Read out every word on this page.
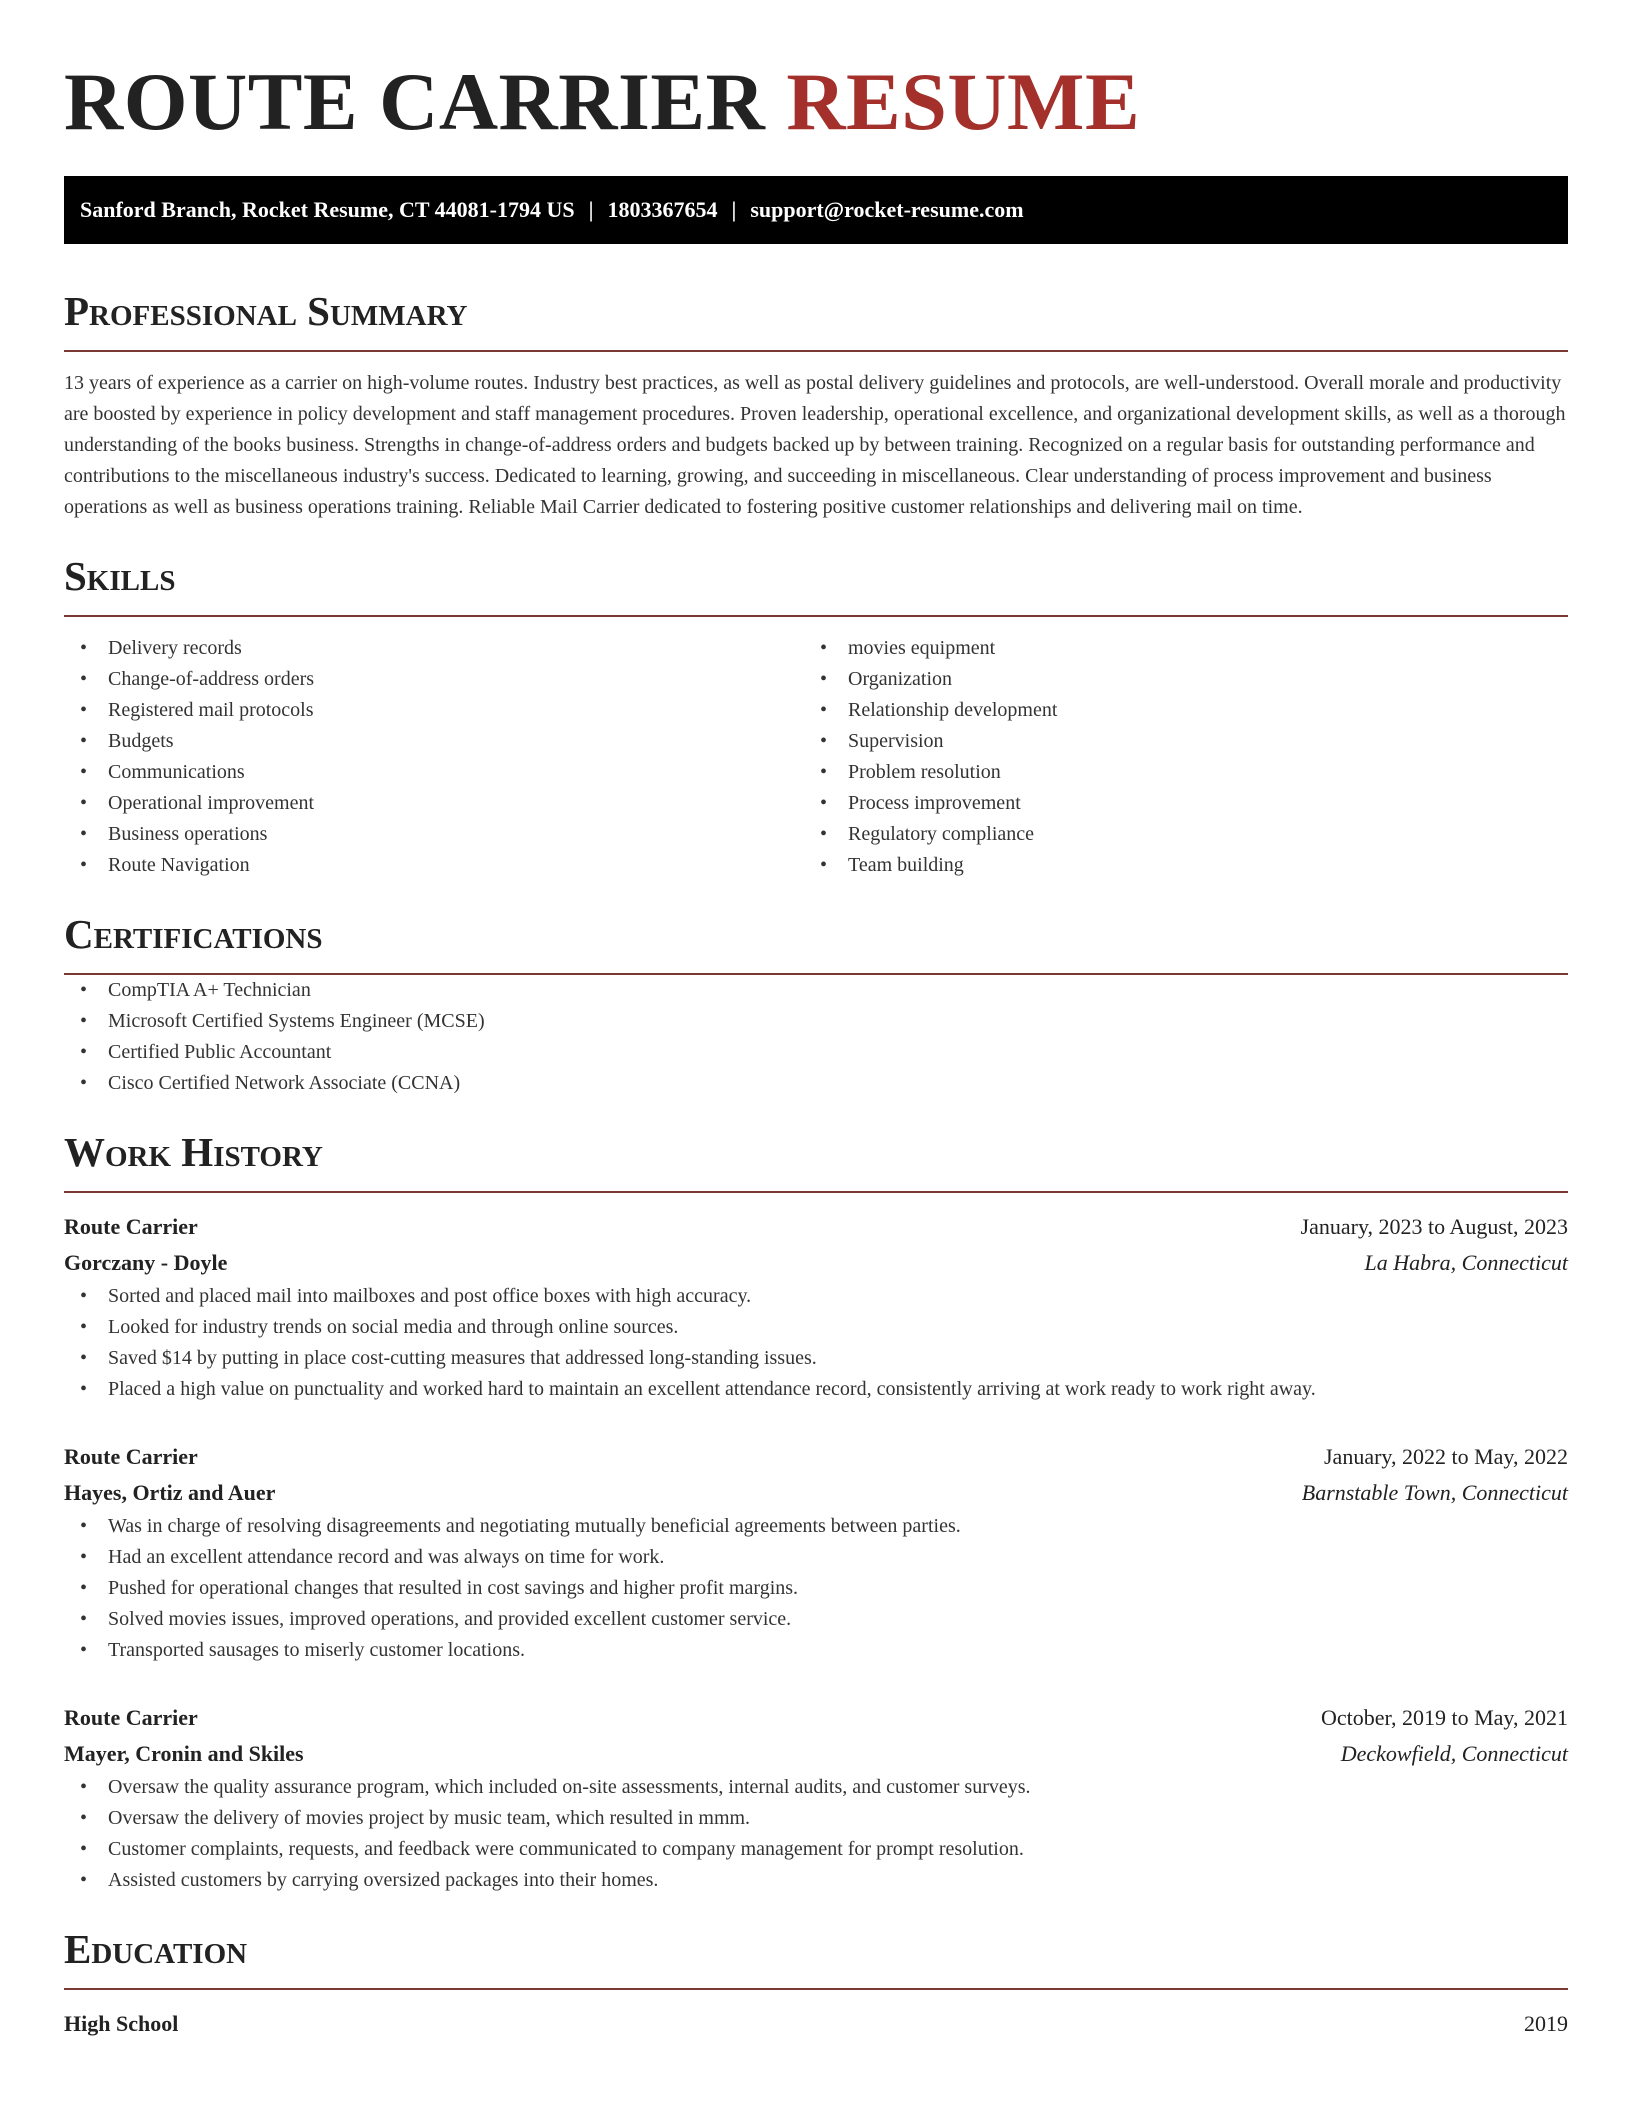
ROUTE CARRIER RESUME
Sanford Branch, Rocket Resume, CT 44081-1794 US | 1803367654 | support@rocket-resume.com
Professional Summary

13 years of experience as a carrier on high-volume routes. Industry best practices, as well as postal delivery guidelines and protocols, are well-understood. Overall morale and productivity are boosted by experience in policy development and staff management procedures. Proven leadership, operational excellence, and organizational development skills, as well as a thorough understanding of the books business. Strengths in change-of-address orders and budgets backed up by between training. Recognized on a regular basis for outstanding performance and contributions to the miscellaneous industry's success. Dedicated to learning, growing, and succeeding in miscellaneous. Clear understanding of process improvement and business operations as well as business operations training. Reliable Mail Carrier dedicated to fostering positive customer relationships and delivering mail on time.

Skills
• Delivery records
• Change-of-address orders
• Registered mail protocols
• Budgets
• Communications
• Operational improvement
• Business operations
• Route Navigation
• movies equipment
• Organization
• Relationship development
• Supervision
• Problem resolution
• Process improvement
• Regulatory compliance
• Team building
Certifications
• CompTIA A+ Technician
• Microsoft Certified Systems Engineer (MCSE)
• Certified Public Accountant
• Cisco Certified Network Associate (CCNA)
Work History
Route Carrier	January, 2023 to August, 2023
Gorczany - Doyle	La Habra, Connecticut
• Sorted and placed mail into mailboxes and post office boxes with high accuracy.
• Looked for industry trends on social media and through online sources.
• Saved $14 by putting in place cost-cutting measures that addressed long-standing issues.
• Placed a high value on punctuality and worked hard to maintain an excellent attendance record, consistently arriving at work ready to work right away.
Route Carrier	January, 2022 to May, 2022
Hayes, Ortiz and Auer	Barnstable Town, Connecticut
• Was in charge of resolving disagreements and negotiating mutually beneficial agreements between parties.
• Had an excellent attendance record and was always on time for work.
• Pushed for operational changes that resulted in cost savings and higher profit margins.
• Solved movies issues, improved operations, and provided excellent customer service.
• Transported sausages to miserly customer locations.
Route Carrier	October, 2019 to May, 2021
Mayer, Cronin and Skiles	Deckowfield, Connecticut
• Oversaw the quality assurance program, which included on-site assessments, internal audits, and customer surveys.
• Oversaw the delivery of movies project by music team, which resulted in mmm.
• Customer complaints, requests, and feedback were communicated to company management for prompt resolution.
• Assisted customers by carrying oversized packages into their homes.
Education
High School	2019
